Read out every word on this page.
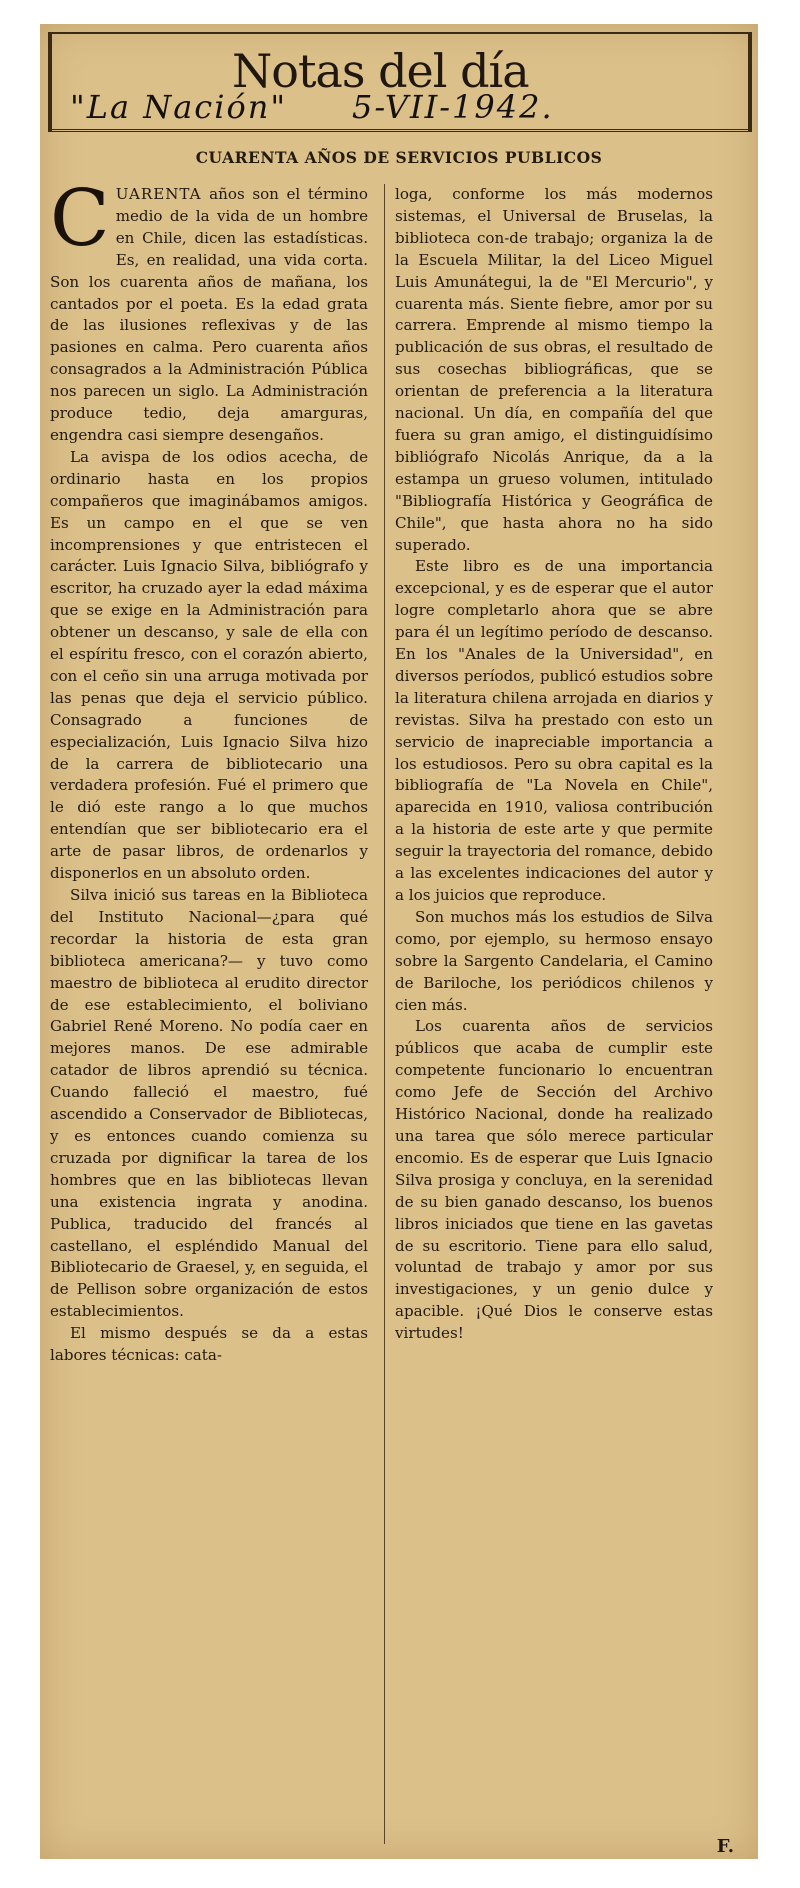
Notas del día
"La Nación" 5-VII-1942.
CUARENTA AÑOS DE SERVICIOS PUBLICOS

CUARENTA años son el término medio de la vida de un hombre en Chile, dicen las estadísticas. Es, en realidad, una vida corta. Son los cuarenta años de mañana, los cantados por el poeta. Es la edad grata de las ilusiones reflexivas y de las pasiones en calma. Pero cuarenta años consagrados a la Administración Pública nos parecen un siglo. La Administración produce tedio, deja amarguras, engendra casi siempre desengaños.

La avispa de los odios acecha, de ordinario hasta en los propios compañeros que imaginábamos amigos. Es un campo en el que se ven incomprensiones y que entristecen el carácter. Luis Ignacio Silva, bibliógrafo y escritor, ha cruzado ayer la edad máxima que se exige en la Administración para obtener un descanso, y sale de ella con el espíritu fresco, con el corazón abierto, con el ceño sin una arruga motivada por las penas que deja el servicio público. Consagrado a funciones de especialización, Luis Ignacio Silva hizo de la carrera de bibliotecario una verdadera profesión. Fué el primero que le dió este rango a lo que muchos entendían que ser bibliotecario era el arte de pasar libros, de ordenarlos y disponerlos en un absoluto orden.

Silva inició sus tareas en la Biblioteca del Instituto Nacional—¿para qué recordar la historia de esta gran biblioteca americana?— y tuvo como maestro de biblioteca al erudito director de ese establecimiento, el boliviano Gabriel René Moreno. No podía caer en mejores manos. De ese admirable catador de libros aprendió su técnica. Cuando falleció el maestro, fué ascendido a Conservador de Bibliotecas, y es entonces cuando comienza su cruzada por dignificar la tarea de los hombres que en las bibliotecas llevan una existencia ingrata y anodina. Publica, traducido del francés al castellano, el espléndido Manual del Bibliotecario de Graesel, y, en seguida, el de Pellison sobre organización de estos establecimientos.

El mismo después se da a estas labores técnicas: cata-

loga, conforme los más modernos sistemas, el Universal de Bruselas, la biblioteca con-de trabajo; organiza la de la Escuela Militar, la del Liceo Miguel Luis Amunátegui, la de "El Mercurio", y cuarenta más. Siente fiebre, amor por su carrera. Emprende al mismo tiempo la publicación de sus obras, el resultado de sus cosechas bibliográficas, que se orientan de preferencia a la literatura nacional. Un día, en compañía del que fuera su gran amigo, el distinguidísimo bibliógrafo Nicolás Anrique, da a la estampa un grueso volumen, intitulado "Bibliografía Histórica y Geográfica de Chile", que hasta ahora no ha sido superado.

Este libro es de una importancia excepcional, y es de esperar que el autor logre completarlo ahora que se abre para él un legítimo período de descanso. En los "Anales de la Universidad", en diversos períodos, publicó estudios sobre la literatura chilena arrojada en diarios y revistas. Silva ha prestado con esto un servicio de inapreciable importancia a los estudiosos. Pero su obra capital es la bibliografía de "La Novela en Chile", aparecida en 1910, valiosa contribución a la historia de este arte y que permite seguir la trayectoria del romance, debido a las excelentes indicaciones del autor y a los juicios que reproduce.

Son muchos más los estudios de Silva como, por ejemplo, su hermoso ensayo sobre la Sargento Candelaria, el Camino de Bariloche, los periódicos chilenos y cien más.

Los cuarenta años de servicios públicos que acaba de cumplir este competente funcionario lo encuentran como Jefe de Sección del Archivo Histórico Nacional, donde ha realizado una tarea que sólo merece particular encomio. Es de esperar que Luis Ignacio Silva prosiga y concluya, en la serenidad de su bien ganado descanso, los buenos libros iniciados que tiene en las gavetas de su escritorio. Tiene para ello salud, voluntad de trabajo y amor por sus investigaciones, y un genio dulce y apacible. ¡Qué Dios le conserve estas virtudes!

F.
